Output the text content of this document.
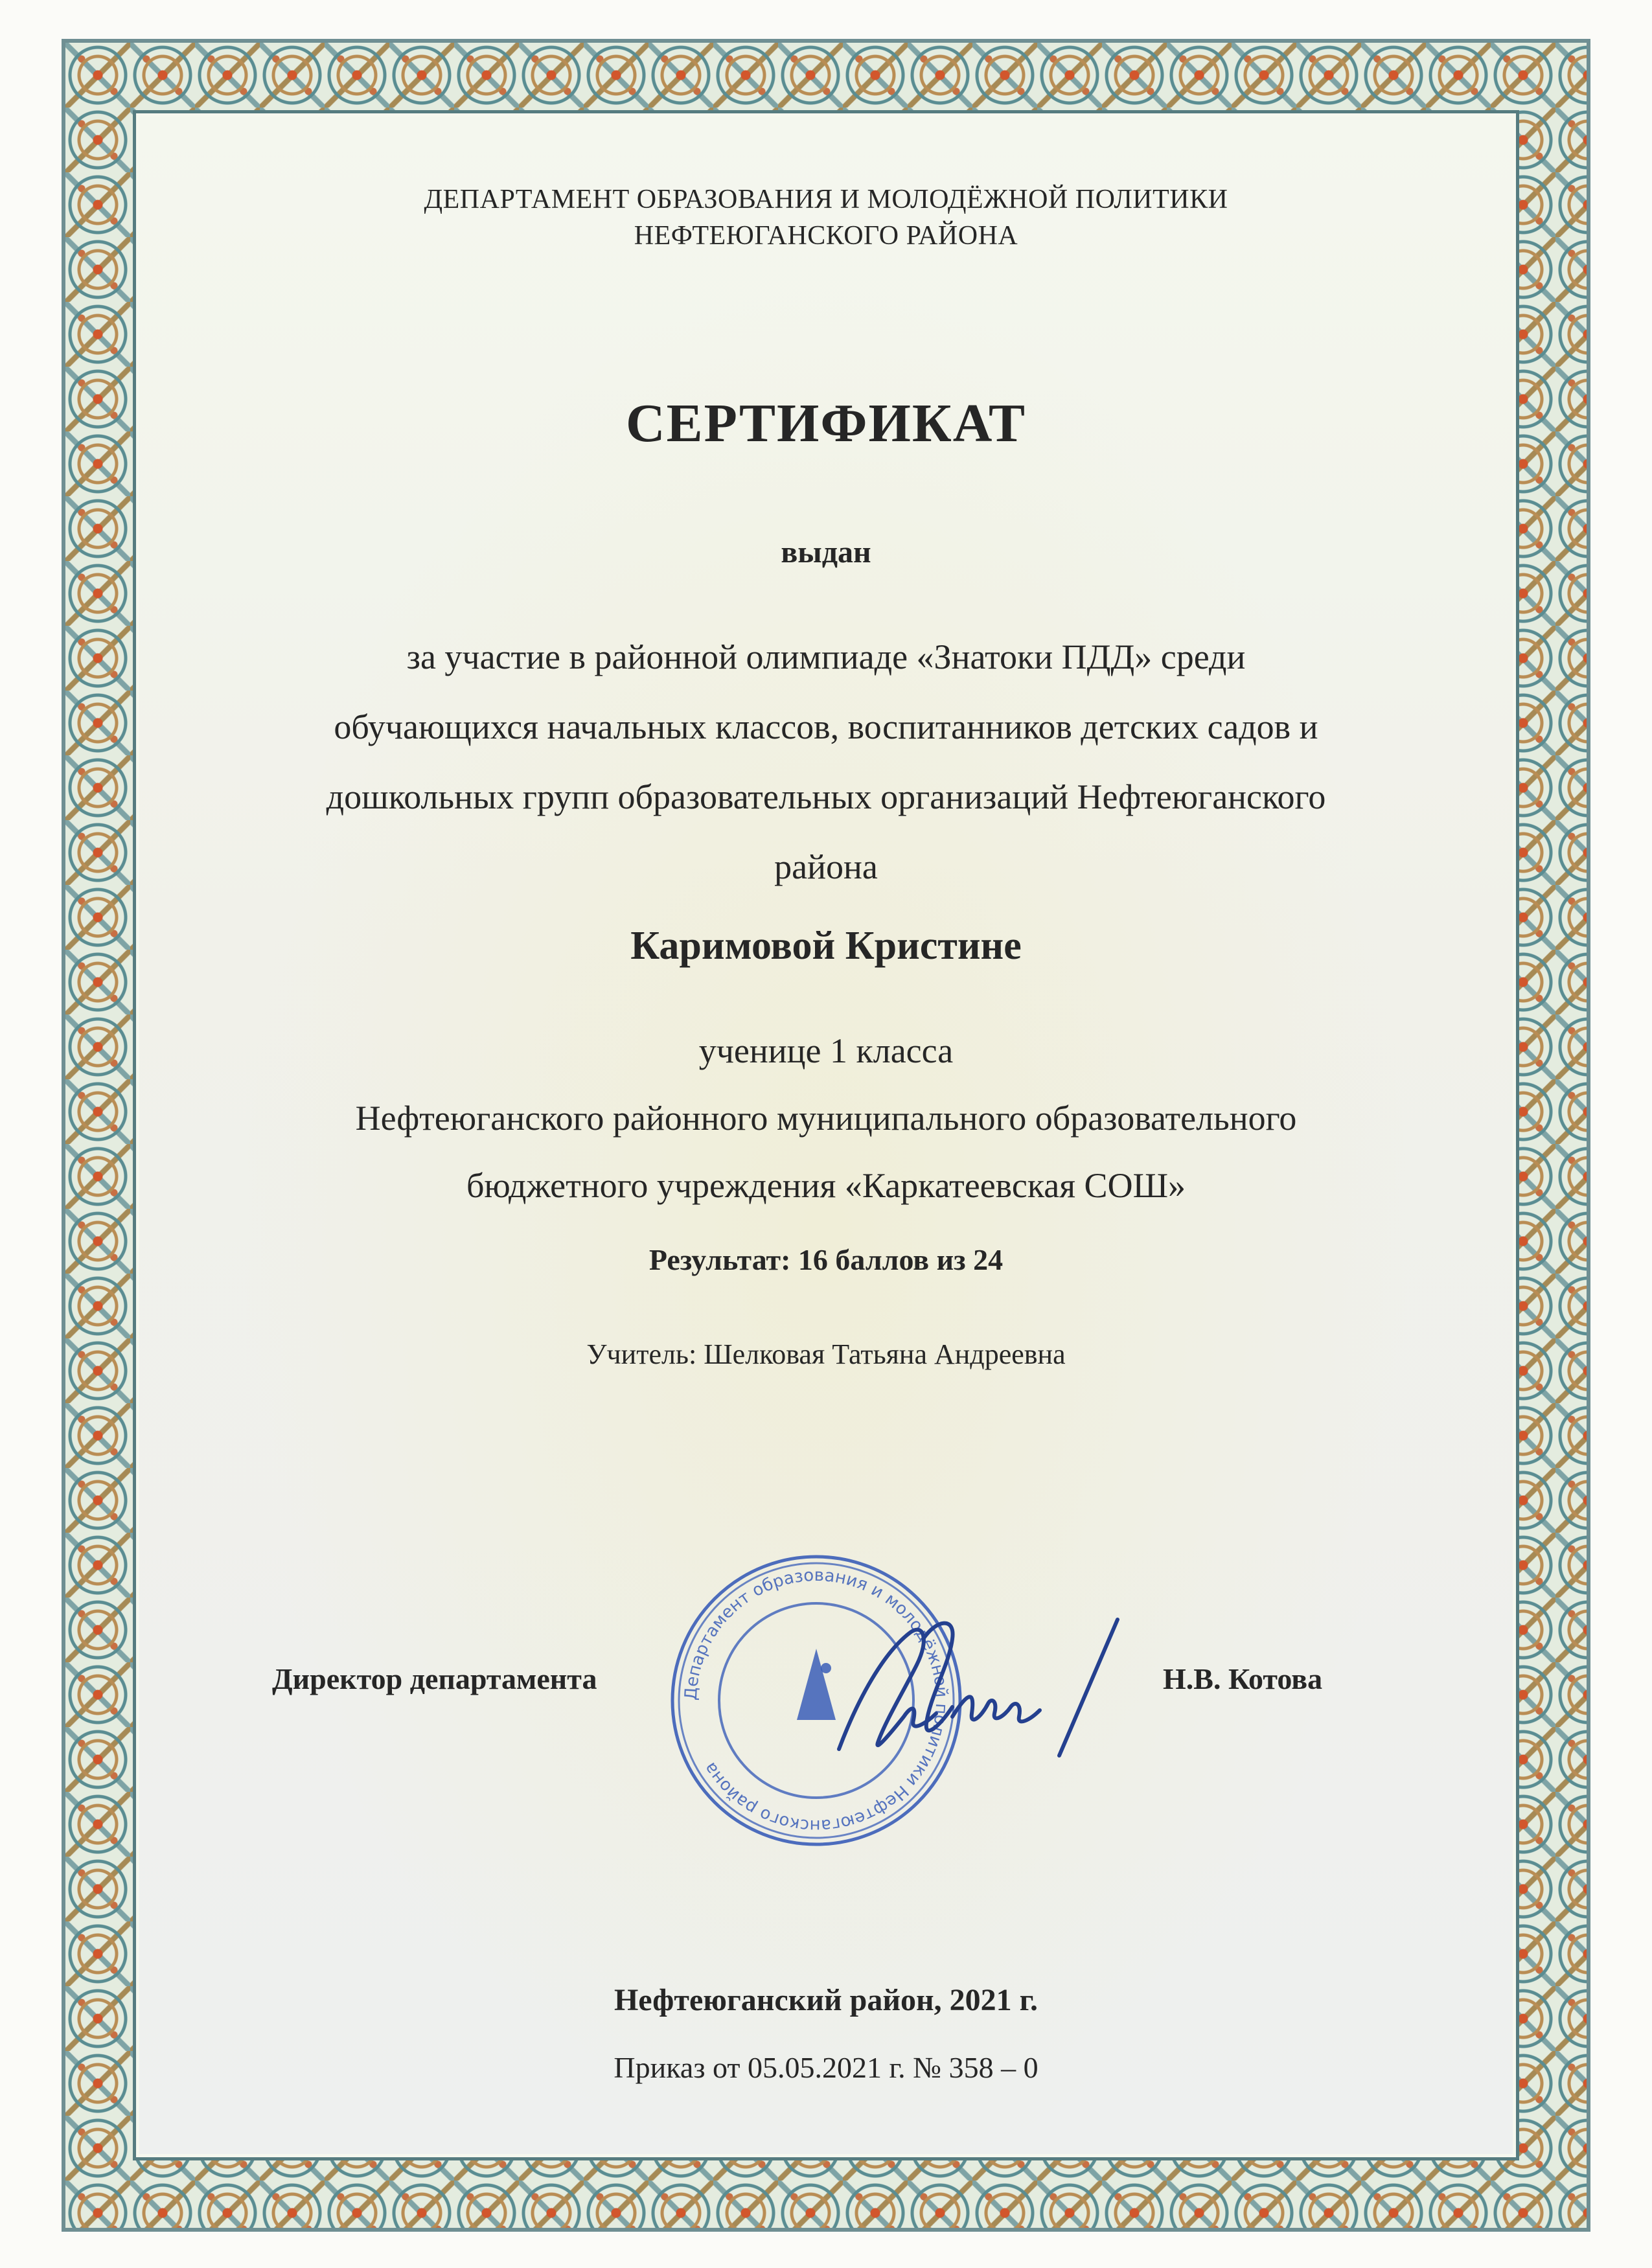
ДЕПАРТАМЕНТ ОБРАЗОВАНИЯ И МОЛОДЁЖНОЙ ПОЛИТИКИ
НЕФТЕЮГАНСКОГО РАЙОНА
СЕРТИФИКАТ
выдан
за участие в районной олимпиаде «Знатоки ПДД» среди
обучающихся начальных классов, воспитанников детских садов и
дошкольных групп образовательных организаций Нефтеюганского
района
Каримовой Кристине
ученице 1 класса
Нефтеюганского районного муниципального образовательного
бюджетного учреждения «Каркатеевская СОШ»
Результат: 16 баллов из 24
Учитель: Шелковая Татьяна Андреевна
Директор департамента	Департамент образования и молодёжной политики Нефтеюганского района
Н.В. Котова
Нефтеюганский район, 2021 г.
Приказ от 05.05.2021 г. № 358 – 0
